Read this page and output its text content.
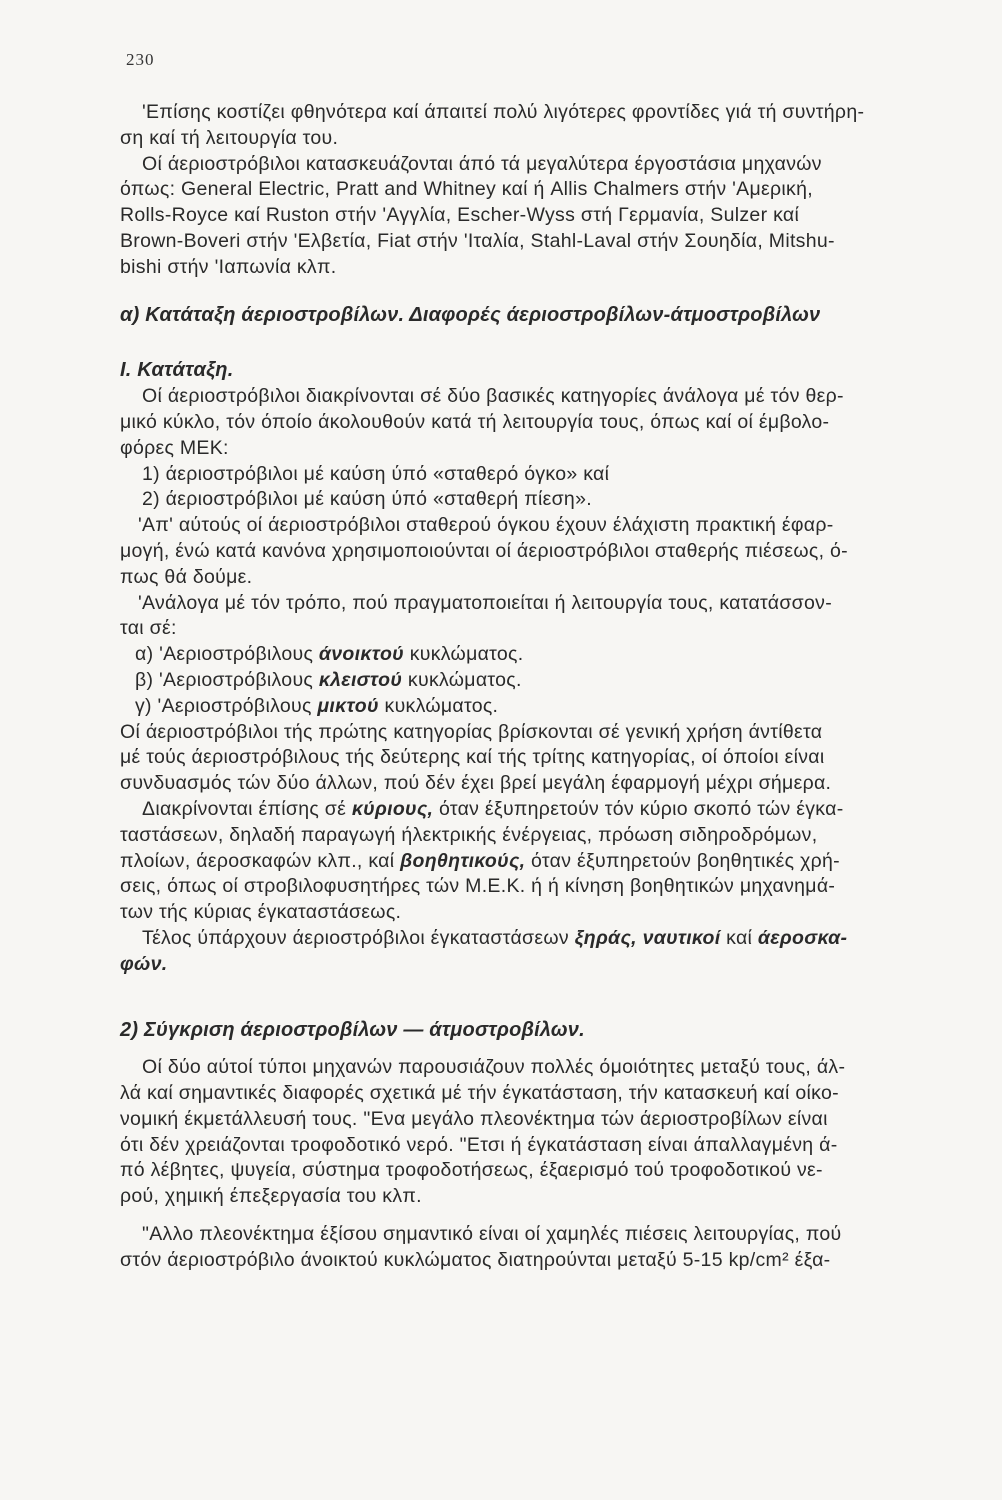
230
'Επίσης κοστίζει φθηνότερα καί άπαιτεί πολύ λιγότερες φροντίδες γιά τή συντήρη-
ση καί τή λειτουργία του.
Οί άεριοστρόβιλοι κατασκευάζονται άπό τά μεγαλύτερα έργοστάσια μηχανών
όπως: General Electric, Pratt and Whitney καί ή Allis Chalmers στήν 'Αμερική,
Rolls-Royce καί Ruston στήν 'Αγγλία, Escher-Wyss στή Γερμανία, Sulzer καί
Brown-Boveri στήν 'Ελβετία, Fiat στήν 'Ιταλία, Stahl-Laval στήν Σουηδία, Mitshu-
bishi στήν 'Ιαπωνία κλπ.
α) Κατάταξη άεριοστροβίλων. Διαφορές άεριοστροβίλων-άτμοστροβίλων
Ι. Κατάταξη.
Οί άεριοστρόβιλοι διακρίνονται σέ δύο βασικές κατηγορίες άνάλογα μέ τόν θερ-
μικό κύκλο, τόν όποίο άκολουθούν κατά τή λειτουργία τους, όπως καί οί έμβολο-
φόρες ΜΕΚ:
1) άεριοστρόβιλοι μέ καύση ύπό «σταθερό όγκο» καί
2) άεριοστρόβιλοι μέ καύση ύπό «σταθερή πίεση».
'Απ' αύτούς οί άεριοστρόβιλοι σταθερού όγκου έχουν έλάχιστη πρακτική έφαρ-
μογή, ένώ κατά κανόνα χρησιμοποιούνται οί άεριοστρόβιλοι σταθερής πιέσεως, ό-
πως θά δούμε.
'Ανάλογα μέ τόν τρόπο, πού πραγματοποιείται ή λειτουργία τους, κατατάσσον-
ται σέ:
α) 'Αεριοστρόβιλους άνοικτού κυκλώματος.
β) 'Αεριοστρόβιλους κλειστού κυκλώματος.
γ) 'Αεριοστρόβιλους μικτού κυκλώματος.
Οί άεριοστρόβιλοι τής πρώτης κατηγορίας βρίσκονται σέ γενική χρήση άντίθετα
μέ τούς άεριοστρόβιλους τής δεύτερης καί τής τρίτης κατηγορίας, οί όποίοι είναι
συνδυασμός τών δύο άλλων, πού δέν έχει βρεί μεγάλη έφαρμογή μέχρι σήμερα.
Διακρίνονται έπίσης σέ κύριους, όταν έξυπηρετούν τόν κύριο σκοπό τών έγκα-
ταστάσεων, δηλαδή παραγωγή ήλεκτρικής ένέργειας, πρόωση σιδηροδρόμων,
πλοίων, άεροσκαφών κλπ., καί βοηθητικούς, όταν έξυπηρετούν βοηθητικές χρή-
σεις, όπως οί στροβιλοφυσητήρες τών Μ.Ε.Κ. ή ή κίνηση βοηθητικών μηχανημά-
των τής κύριας έγκαταστάσεως.
Τέλος ύπάρχουν άεριοστρόβιλοι έγκαταστάσεων ξηράς, ναυτικοί καί άεροσκα-
φών.
2) Σύγκριση άεριοστροβίλων — άτμοστροβίλων.
Οί δύο αύτοί τύποι μηχανών παρουσιάζουν πολλές όμοιότητες μεταξύ τους, άλ-
λά καί σημαντικές διαφορές σχετικά μέ τήν έγκατάσταση, τήν κατασκευή καί οίκο-
νομική έκμετάλλευσή τους. "Ενα μεγάλο πλεονέκτημα τών άεριοστροβίλων είναι
ότι δέν χρειάζονται τροφοδοτικό νερό. "Ετσι ή έγκατάσταση είναι άπαλλαγμένη ά-
πό λέβητες, ψυγεία, σύστημα τροφοδοτήσεως, έξαερισμό τού τροφοδοτικού νε-
ρού, χημική έπεξεργασία του κλπ.
"Αλλο πλεονέκτημα έξίσου σημαντικό είναι οί χαμηλές πιέσεις λειτουργίας, πού
στόν άεριοστρόβιλο άνοικτού κυκλώματος διατηρούνται μεταξύ 5-15 kp/cm² έξα-
